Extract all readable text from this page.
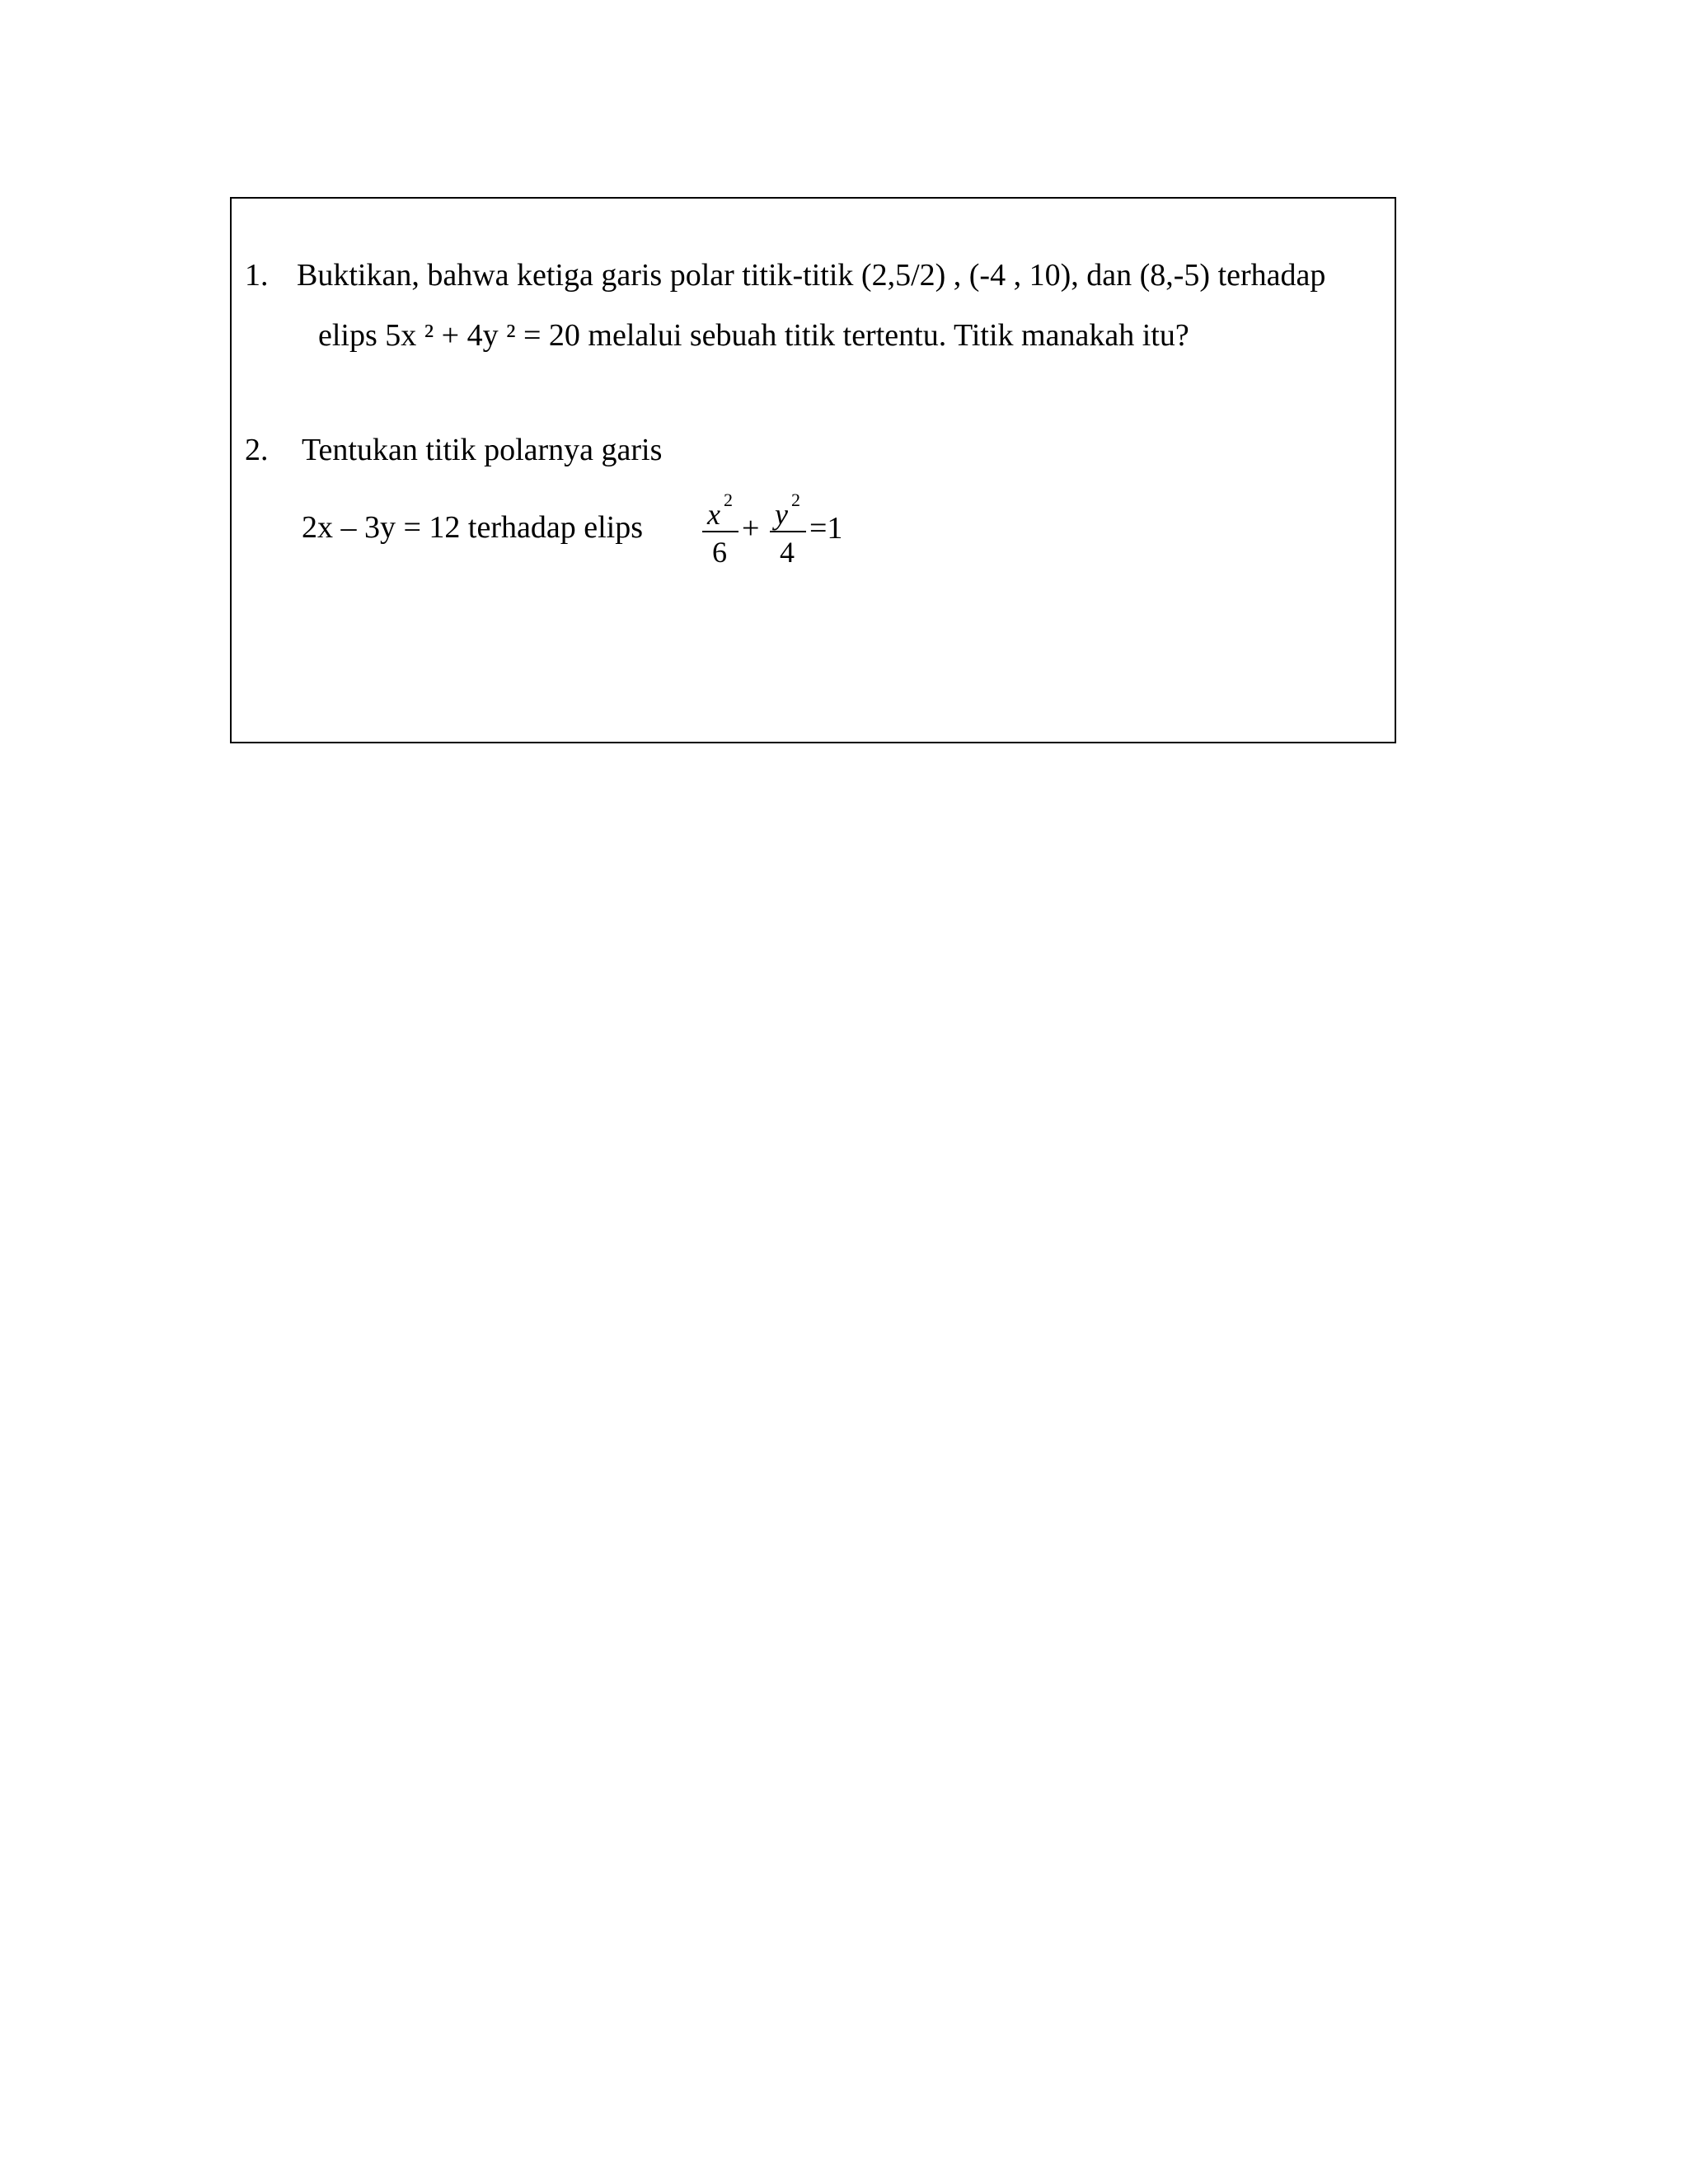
1. Buktikan, bahwa ketiga garis polar titik-titik (2,5/2) , (-4 , 10), dan (8,-5) terhadap
elips 5x ² + 4y ² = 20 melalui sebuah titik tertentu. Titik manakah itu?
2. Tentukan titik polarnya garis
2x – 3y = 12 terhadap elips x 2
6
+ y 2
4
=1
